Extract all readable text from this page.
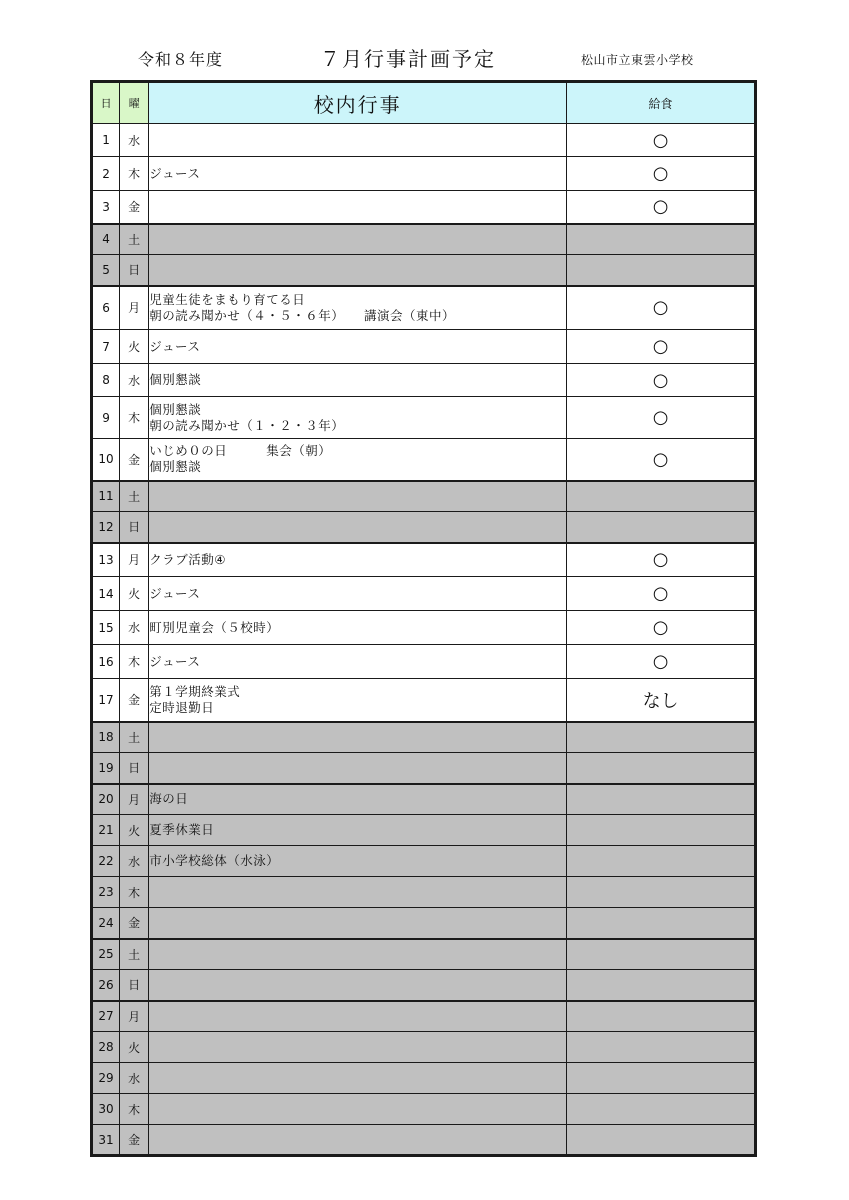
令和８年度	７月行事計画予定	松山市立東雲小学校
日	曜	校内行事	給食
1	水		○
2	木	ジュース	○
3	金		○
4	土		
5	日		
6	月	児童生徒をまもり育てる日
朝の読み聞かせ（４・５・６年）　　講演会（東中）	○
7	火	ジュース	○
8	水	個別懇談	○
9	木	個別懇談
朝の読み聞かせ（１・２・３年）	○
10	金	いじめ０の日　　　集会（朝）
個別懇談	○
11	土		
12	日		
13	月	クラブ活動④	○
14	火	ジュース	○
15	水	町別児童会（５校時）	○
16	木	ジュース	○
17	金	第１学期終業式
定時退勤日	なし
18	土		
19	日		
20	月	海の日	
21	火	夏季休業日	
22	水	市小学校総体（水泳）	
23	木		
24	金		
25	土		
26	日		
27	月		
28	火		
29	水		
30	木		
31	金		
